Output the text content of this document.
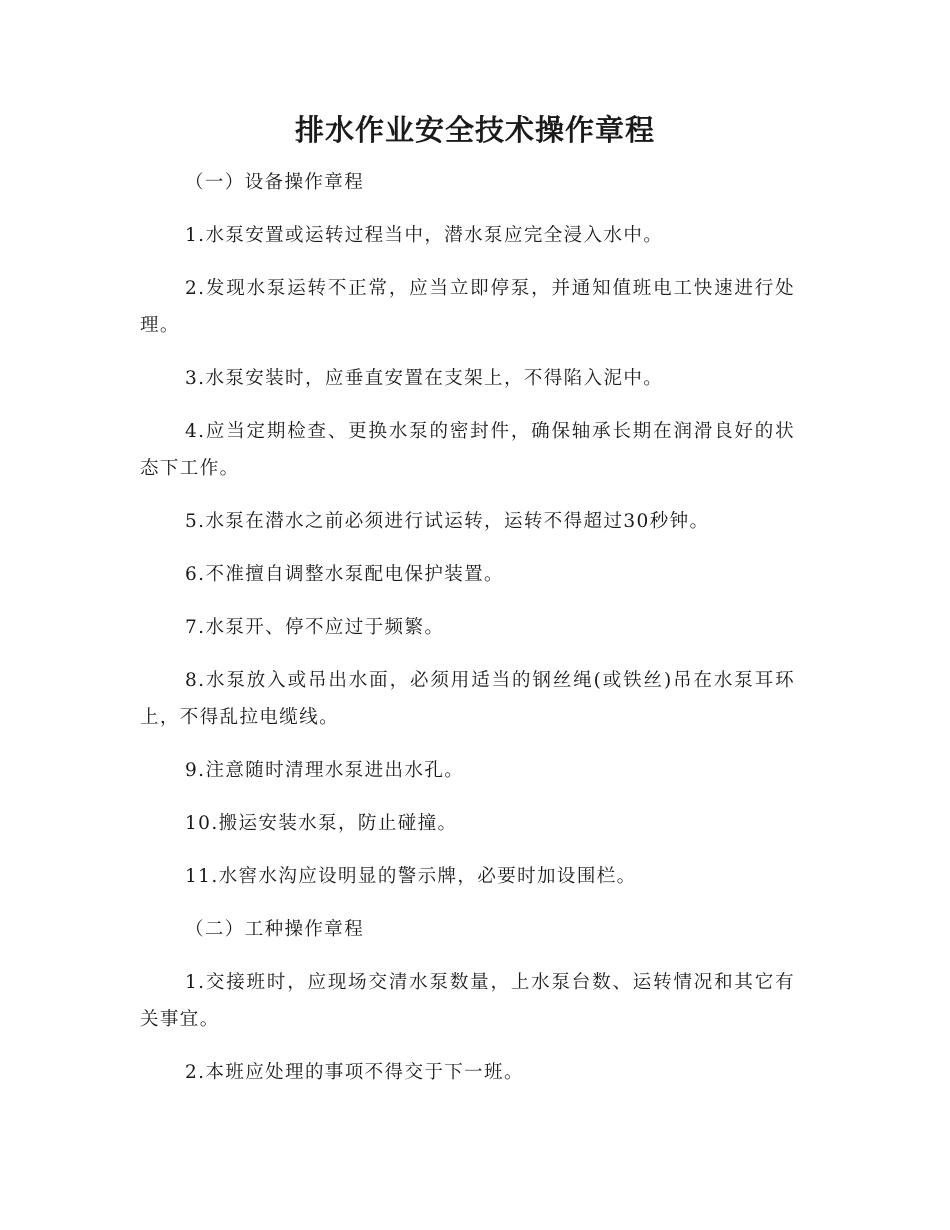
排水作业安全技术操作章程

（一）设备操作章程

1.水泵安置或运转过程当中，潜水泵应完全浸入水中。

2.发现水泵运转不正常，应当立即停泵，并通知值班电工快速进行处理。

3.水泵安装时，应垂直安置在支架上，不得陷入泥中。

4.应当定期检查、更换水泵的密封件，确保轴承长期在润滑良好的状态下工作。

5.水泵在潜水之前必须进行试运转，运转不得超过30秒钟。

6.不准擅自调整水泵配电保护装置。

7.水泵开、停不应过于频繁。

8.水泵放入或吊出水面，必须用适当的钢丝绳(或铁丝)吊在水泵耳环上，不得乱拉电缆线。

9.注意随时清理水泵进出水孔。

10.搬运安装水泵，防止碰撞。

11.水窖水沟应设明显的警示牌，必要时加设围栏。

（二）工种操作章程

1.交接班时，应现场交清水泵数量，上水泵台数、运转情况和其它有关事宜。

2.本班应处理的事项不得交于下一班。
